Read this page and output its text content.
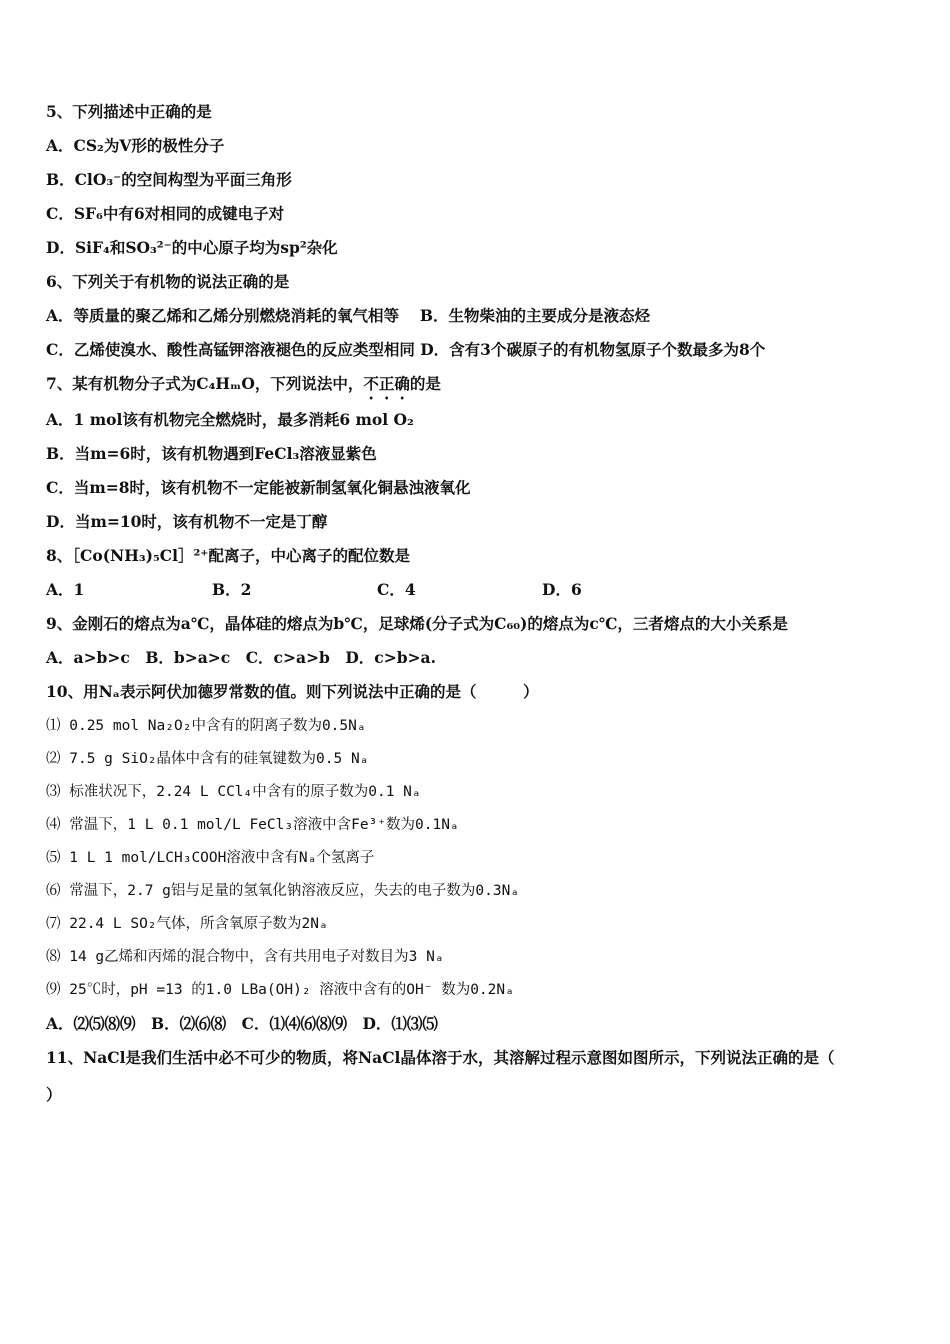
5、下列描述中正确的是
A．CS₂为V形的极性分子
B．ClO₃⁻的空间构型为平面三角形
C．SF₆中有6对相同的成键电子对
D．SiF₄和SO₃²⁻的中心原子均为sp²杂化
6、下列关于有机物的说法正确的是
A．等质量的聚乙烯和乙烯分别燃烧消耗的氧气相等　 B．生物柴油的主要成分是液态烃
C．乙烯使溴水、酸性高锰钾溶液褪色的反应类型相同 D．含有3个碳原子的有机物氢原子个数最多为8个
7、某有机物分子式为C₄HₘO，下列说法中，不正确的是
A．1 mol该有机物完全燃烧时，最多消耗6 mol O₂
B．当m=6时，该有机物遇到FeCl₃溶液显紫色
C．当m=8时，该有机物不一定能被新制氢氧化铜悬浊液氧化
D．当m=10时，该有机物不一定是丁醇
8、［Co(NH₃)₅Cl］²⁺配离子，中心离子的配位数是
A．1	B．2	C．4	D．6
9、金刚石的熔点为a℃，晶体硅的熔点为b℃，足球烯(分子式为C₆₀)的熔点为c℃，三者熔点的大小关系是
A．a>b>c　B．b>a>c　C．c>a>b　D．c>b>a.
10、用Nₐ表示阿伏加德罗常数的值。则下列说法中正确的是（　　　）
⑴ 0.25 mol Na₂O₂中含有的阴离子数为0.5Nₐ
⑵ 7.5 g SiO₂晶体中含有的硅氧键数为0.5 Nₐ
⑶ 标准状况下，2.24 L CCl₄中含有的原子数为0.1 Nₐ
⑷ 常温下，1 L 0.1 mol/L FeCl₃溶液中含Fe³⁺数为0.1Nₐ
⑸ 1 L 1 mol/LCH₃COOH溶液中含有Nₐ个氢离子
⑹ 常温下，2.7 g铝与足量的氢氧化钠溶液反应，失去的电子数为0.3Nₐ
⑺ 22.4 L SO₂气体，所含氧原子数为2Nₐ
⑻ 14 g乙烯和丙烯的混合物中，含有共用电子对数目为3 Nₐ
⑼ 25℃时，pH =13 的1.0 LBa(OH)₂ 溶液中含有的OH⁻ 数为0.2Nₐ
A．⑵⑸⑻⑼　B．⑵⑹⑻　C．⑴⑷⑹⑻⑼　D．⑴⑶⑸
11、NaCl是我们生活中必不可少的物质，将NaCl晶体溶于水，其溶解过程示意图如图所示，下列说法正确的是（
）
